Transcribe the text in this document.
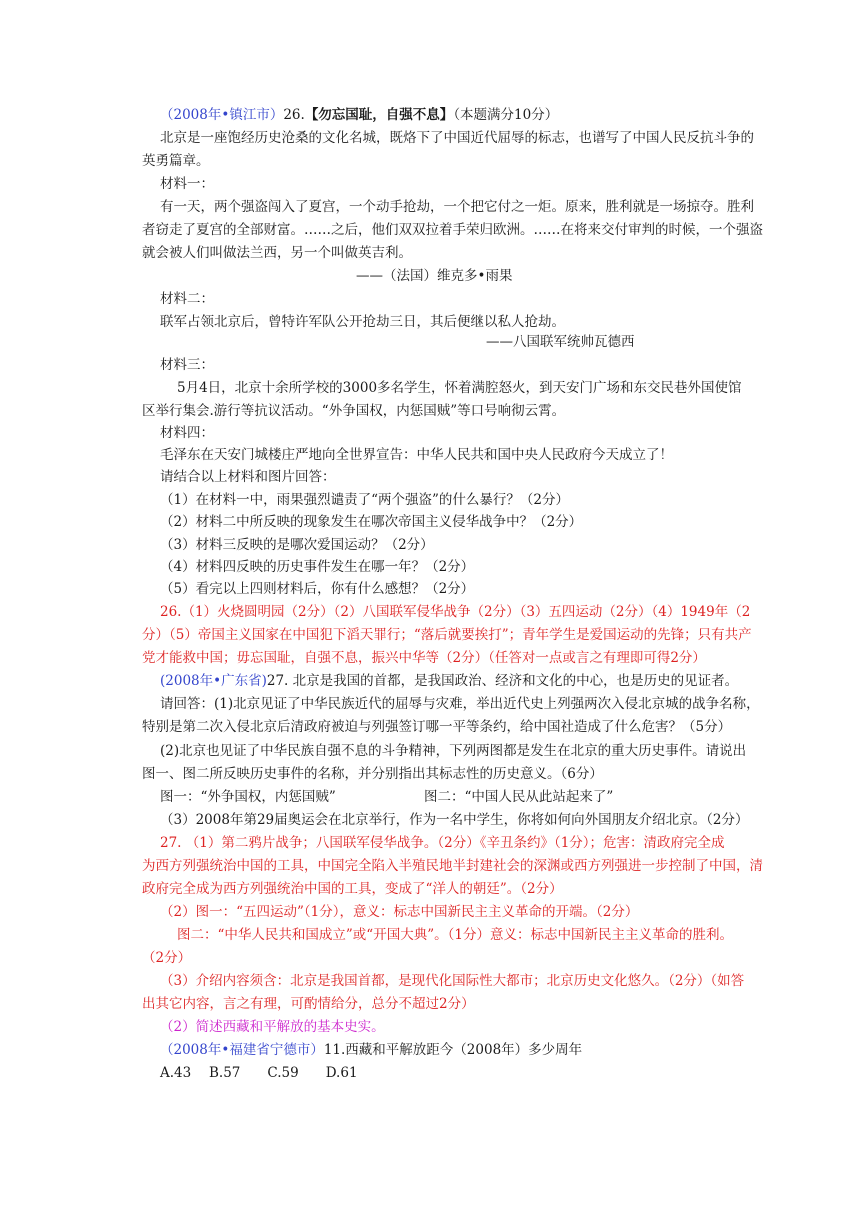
（2008年•镇江市）26.【勿忘国耻，自强不息】（本题满分10分）
北京是一座饱经历史沧桑的文化名城，既烙下了中国近代屈辱的标志，也谱写了中国人民反抗斗争的
英勇篇章。
材料一：
有一天，两个强盗闯入了夏宫，一个动手抢劫，一个把它付之一炬。原来，胜利就是一场掠夺。胜利
者窃走了夏宫的全部财富。……之后，他们双双拉着手荣归欧洲。……在将来交付审判的时候，一个强盗
就会被人们叫做法兰西，另一个叫做英吉利。
——（法国）维克多•雨果
材料二：
联军占领北京后，曾特许军队公开抢劫三日，其后便继以私人抢劫。
——八国联军统帅瓦德西
材料三：
5月4日，北京十余所学校的3000多名学生，怀着满腔怒火，到天安门广场和东交民巷外国使馆
区举行集会.游行等抗议活动。“外争国权，内惩国贼”等口号响彻云霄。
材料四：
毛泽东在天安门城楼庄严地向全世界宣告：中华人民共和国中央人民政府今天成立了！
请结合以上材料和图片回答：
（1）在材料一中，雨果强烈谴责了“两个强盗”的什么暴行？（2分）
（2）材料二中所反映的现象发生在哪次帝国主义侵华战争中？（2分）
（3）材料三反映的是哪次爱国运动？（2分）
（4）材料四反映的历史事件发生在哪一年？（2分）
（5）看完以上四则材料后，你有什么感想？（2分）
26.（1）火烧圆明园（2分）（2）八国联军侵华战争（2分）（3）五四运动（2分）（4）1949年（2
分）（5）帝国主义国家在中国犯下滔天罪行；“落后就要挨打”；青年学生是爱国运动的先锋；只有共产
党才能救中国；毋忘国耻，自强不息，振兴中华等（2分）（任答对一点或言之有理即可得2分）
(2008年•广东省)27. 北京是我国的首都，是我国政治、经济和文化的中心，也是历史的见证者。
请回答：(1)北京见证了中华民族近代的屈辱与灾难，举出近代史上列强两次入侵北京城的战争名称，
特别是第二次入侵北京后清政府被迫与列强签订哪一平等条约，给中国社造成了什么危害？（5分）
(2)北京也见证了中华民族自强不息的斗争精神，下列两图都是发生在北京的重大历史事件。请说出
图一、图二所反映历史事件的名称，并分别指出其标志性的历史意义。（6分）
图一：“外争国权，内惩国贼”	图二：“中国人民从此站起来了”
（3）2008年第29届奥运会在北京举行，作为一名中学生，你将如何向外国朋友介绍北京。（2分）
27. （1）第二鸦片战争；八国联军侵华战争。（2分）《辛丑条约》（1分）；危害：清政府完全成
为西方列强统治中国的工具，中国完全陷入半殖民地半封建社会的深渊或西方列强进一步控制了中国，清
政府完全成为西方列强统治中国的工具，变成了“洋人的朝廷”。（2分）
（2）图一：“五四运动”（1分），意义：标志中国新民主主义革命的开端。（2分）
图二：“中华人民共和国成立”或“开国大典”。（1分）意义：标志中国新民主主义革命的胜利。
（2分）
（3）介绍内容须含：北京是我国首都，是现代化国际性大都市；北京历史文化悠久。（2分）（如答
出其它内容，言之有理，可酌情给分，总分不超过2分）
（2）简述西藏和平解放的基本史实。
（2008年•福建省宁德市）11.西藏和平解放距今（2008年）多少周年
A.43　 B.57　　C.59　　D.61
